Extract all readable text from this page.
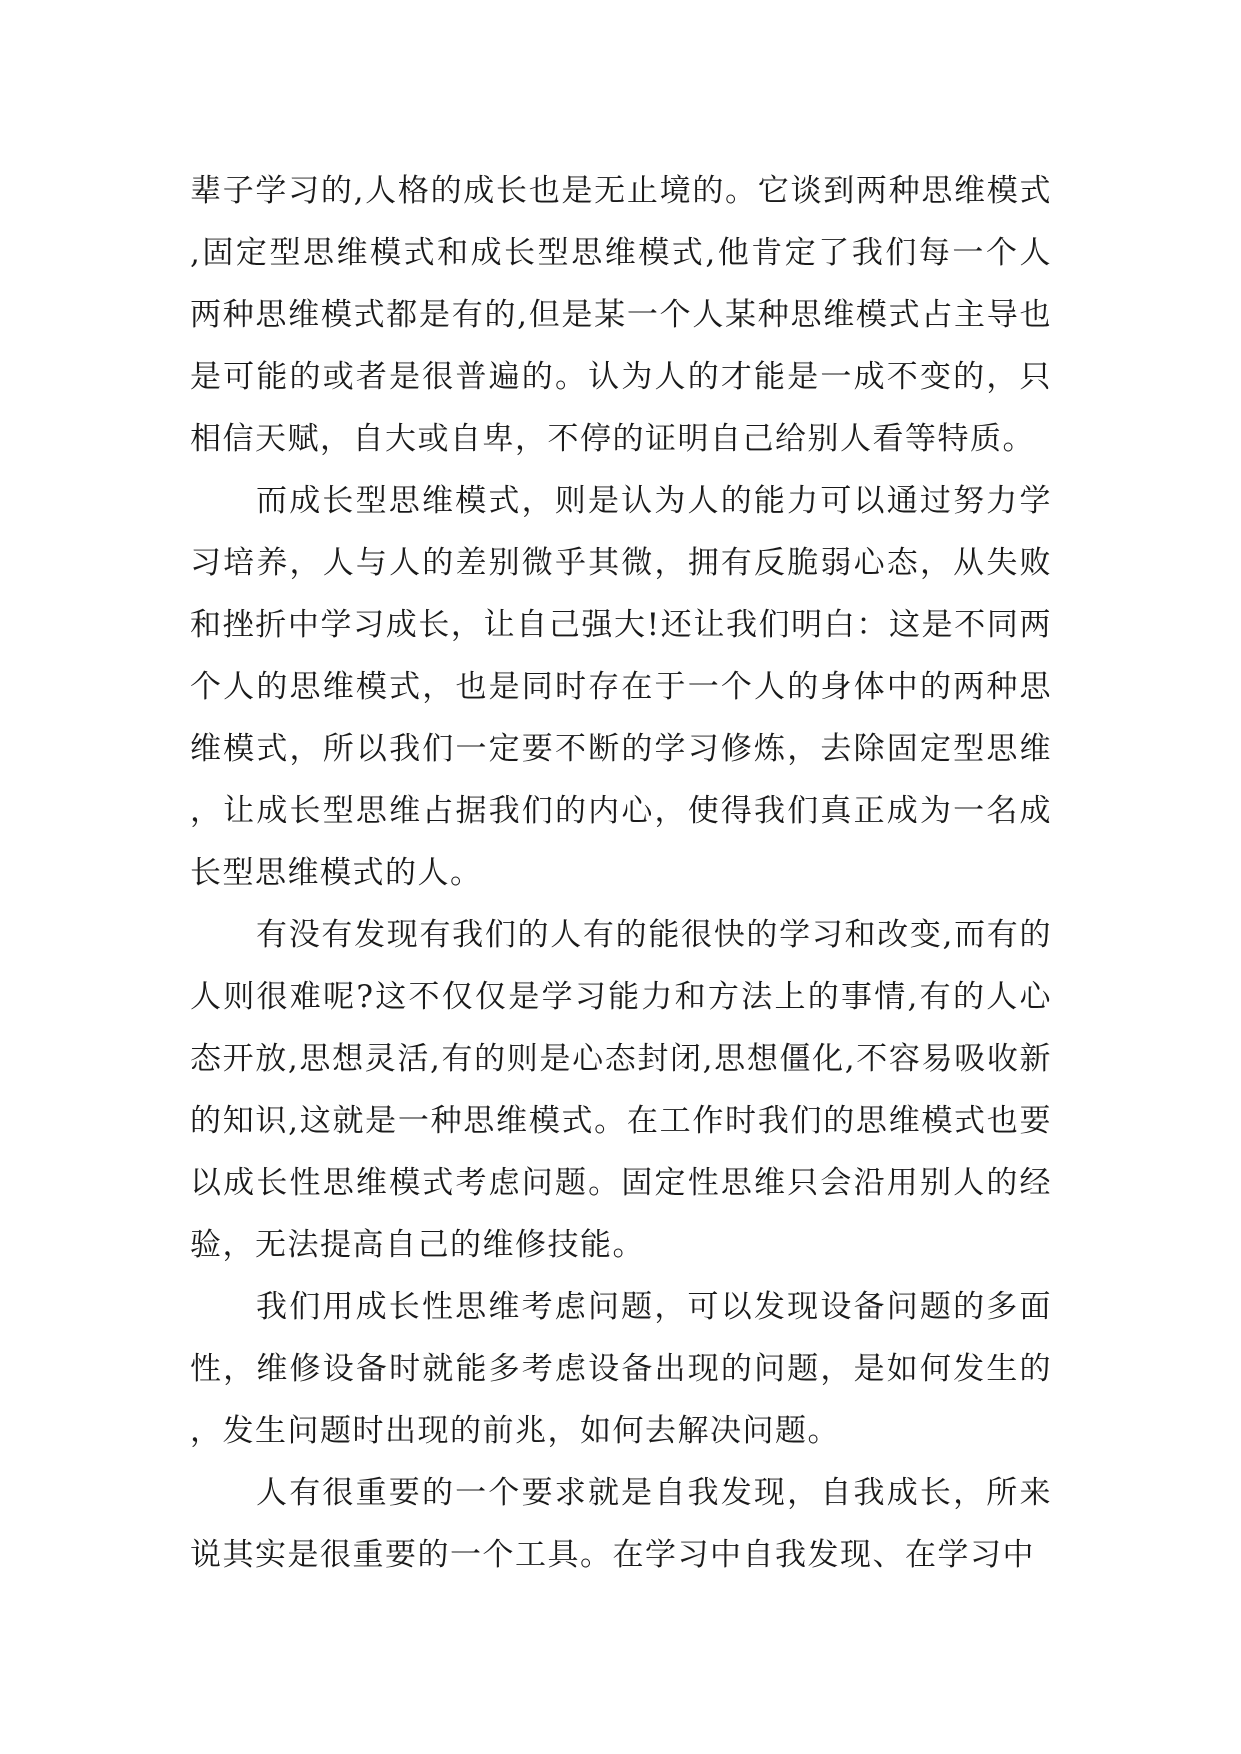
辈子学习的,人格的成长也是无止境的。它谈到两种思维模式,固定型思维模式和成长型思维模式,他肯定了我们每一个人两种思维模式都是有的,但是某一个人某种思维模式占主导也是可能的或者是很普遍的。认为人的才能是一成不变的，只相信天赋，自大或自卑，不停的证明自己给别人看等特质。

而成长型思维模式，则是认为人的能力可以通过努力学习培养，人与人的差别微乎其微，拥有反脆弱心态，从失败和挫折中学习成长，让自己强大!还让我们明白：这是不同两个人的思维模式，也是同时存在于一个人的身体中的两种思维模式，所以我们一定要不断的学习修炼，去除固定型思维，让成长型思维占据我们的内心，使得我们真正成为一名成长型思维模式的人。

有没有发现有我们的人有的能很快的学习和改变,而有的人则很难呢?这不仅仅是学习能力和方法上的事情,有的人心态开放,思想灵活,有的则是心态封闭,思想僵化,不容易吸收新的知识,这就是一种思维模式。在工作时我们的思维模式也要以成长性思维模式考虑问题。固定性思维只会沿用别人的经验，无法提高自己的维修技能。

我们用成长性思维考虑问题，可以发现设备问题的多面性，维修设备时就能多考虑设备出现的问题，是如何发生的，发生问题时出现的前兆，如何去解决问题。

人有很重要的一个要求就是自我发现，自我成长，所来说其实是很重要的一个工具。在学习中自我发现、在学习中
